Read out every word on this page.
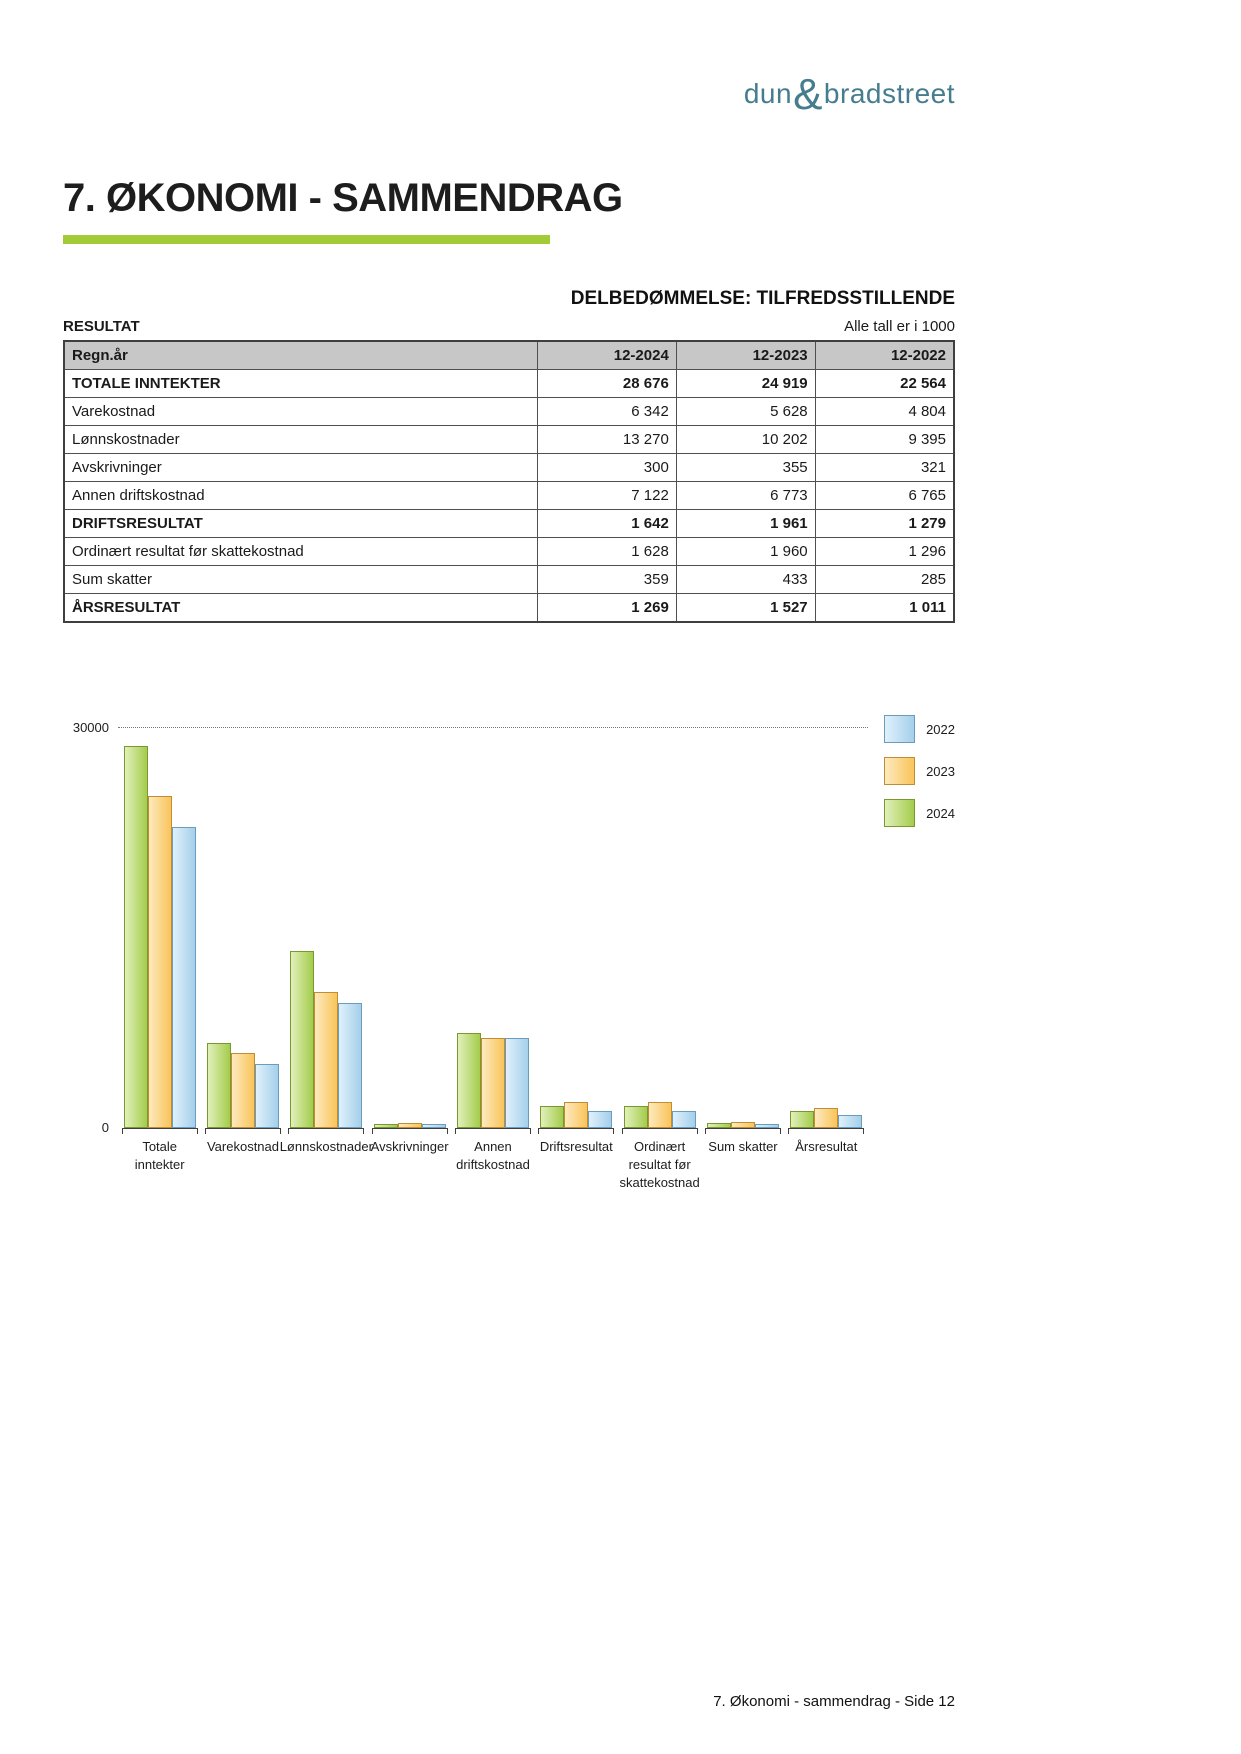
dun&bradstreet
7. ØKONOMI - SAMMENDRAG
DELBEDØMMELSE: TILFREDSSTILLENDE
RESULTAT	Alle tall er i 1000
Regn.år	12-2024	12-2023	12-2022
TOTALE INNTEKTER	28 676	24 919	22 564
Varekostnad	6 342	5 628	4 804
Lønnskostnader	13 270	10 202	9 395
Avskrivninger	300	355	321
Annen driftskostnad	7 122	6 773	6 765
DRIFTSRESULTAT	1 642	1 961	1 279
Ordinært resultat før skattekostnad	1 628	1 960	1 296
Sum skatter	359	433	285
ÅRSRESULTAT	1 269	1 527	1 011
30000
0
Totale inntekter
Varekostnad Lønnskostnader
Avskrivninger	Annen driftskostnad
Driftsresultat	Ordinært resultat før skattekostnad
Sum skatter Årsresultat
2022
2023
2024
7. Økonomi - sammendrag - Side 12
